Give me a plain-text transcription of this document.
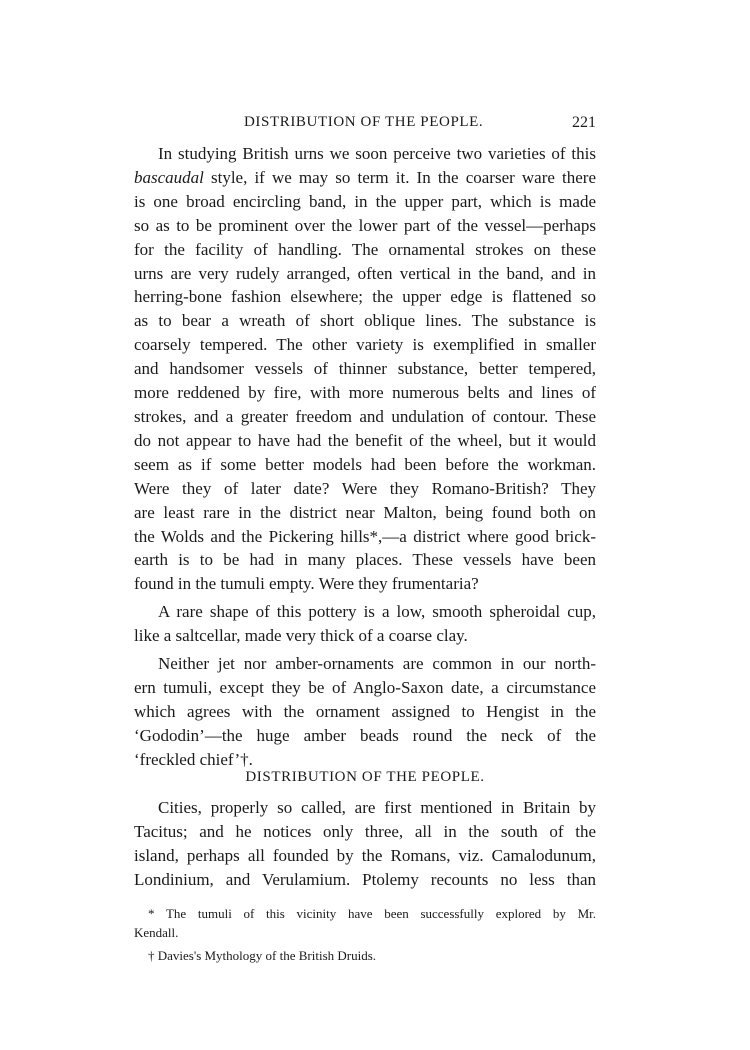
DISTRIBUTION OF THE PEOPLE.	221

In studying British urns we soon perceive two varieties of this
bascaudal style, if we may so term it. In the coarser ware there
is one broad encircling band, in the upper part, which is made
so as to be prominent over the lower part of the vessel—perhaps
for the facility of handling. The ornamental strokes on these
urns are very rudely arranged, often vertical in the band, and in
herring-bone fashion elsewhere; the upper edge is flattened so
as to bear a wreath of short oblique lines. The substance is
coarsely tempered. The other variety is exemplified in smaller
and handsomer vessels of thinner substance, better tempered,
more reddened by fire, with more numerous belts and lines of
strokes, and a greater freedom and undulation of contour. These
do not appear to have had the benefit of the wheel, but it would
seem as if some better models had been before the workman.
Were they of later date? Were they Romano-British? They
are least rare in the district near Malton, being found both on
the Wolds and the Pickering hills*,—a district where good brick-
earth is to be had in many places. These vessels have been
found in the tumuli empty. Were they frumentaria?

A rare shape of this pottery is a low, smooth spheroidal cup,
like a saltcellar, made very thick of a coarse clay.

Neither jet nor amber-ornaments are common in our north-
ern tumuli, except they be of Anglo-Saxon date, a circumstance
which agrees with the ornament assigned to Hengist in the
‘Gododin’—the huge amber beads round the neck of the
‘freckled chief’†.

DISTRIBUTION OF THE PEOPLE.

Cities, properly so called, are first mentioned in Britain by
Tacitus; and he notices only three, all in the south of the
island, perhaps all founded by the Romans, viz. Camalodunum,
Londinium, and Verulamium. Ptolemy recounts no less than

* The tumuli of this vicinity have been successfully explored by Mr.
Kendall.

† Davies's Mythology of the British Druids.
